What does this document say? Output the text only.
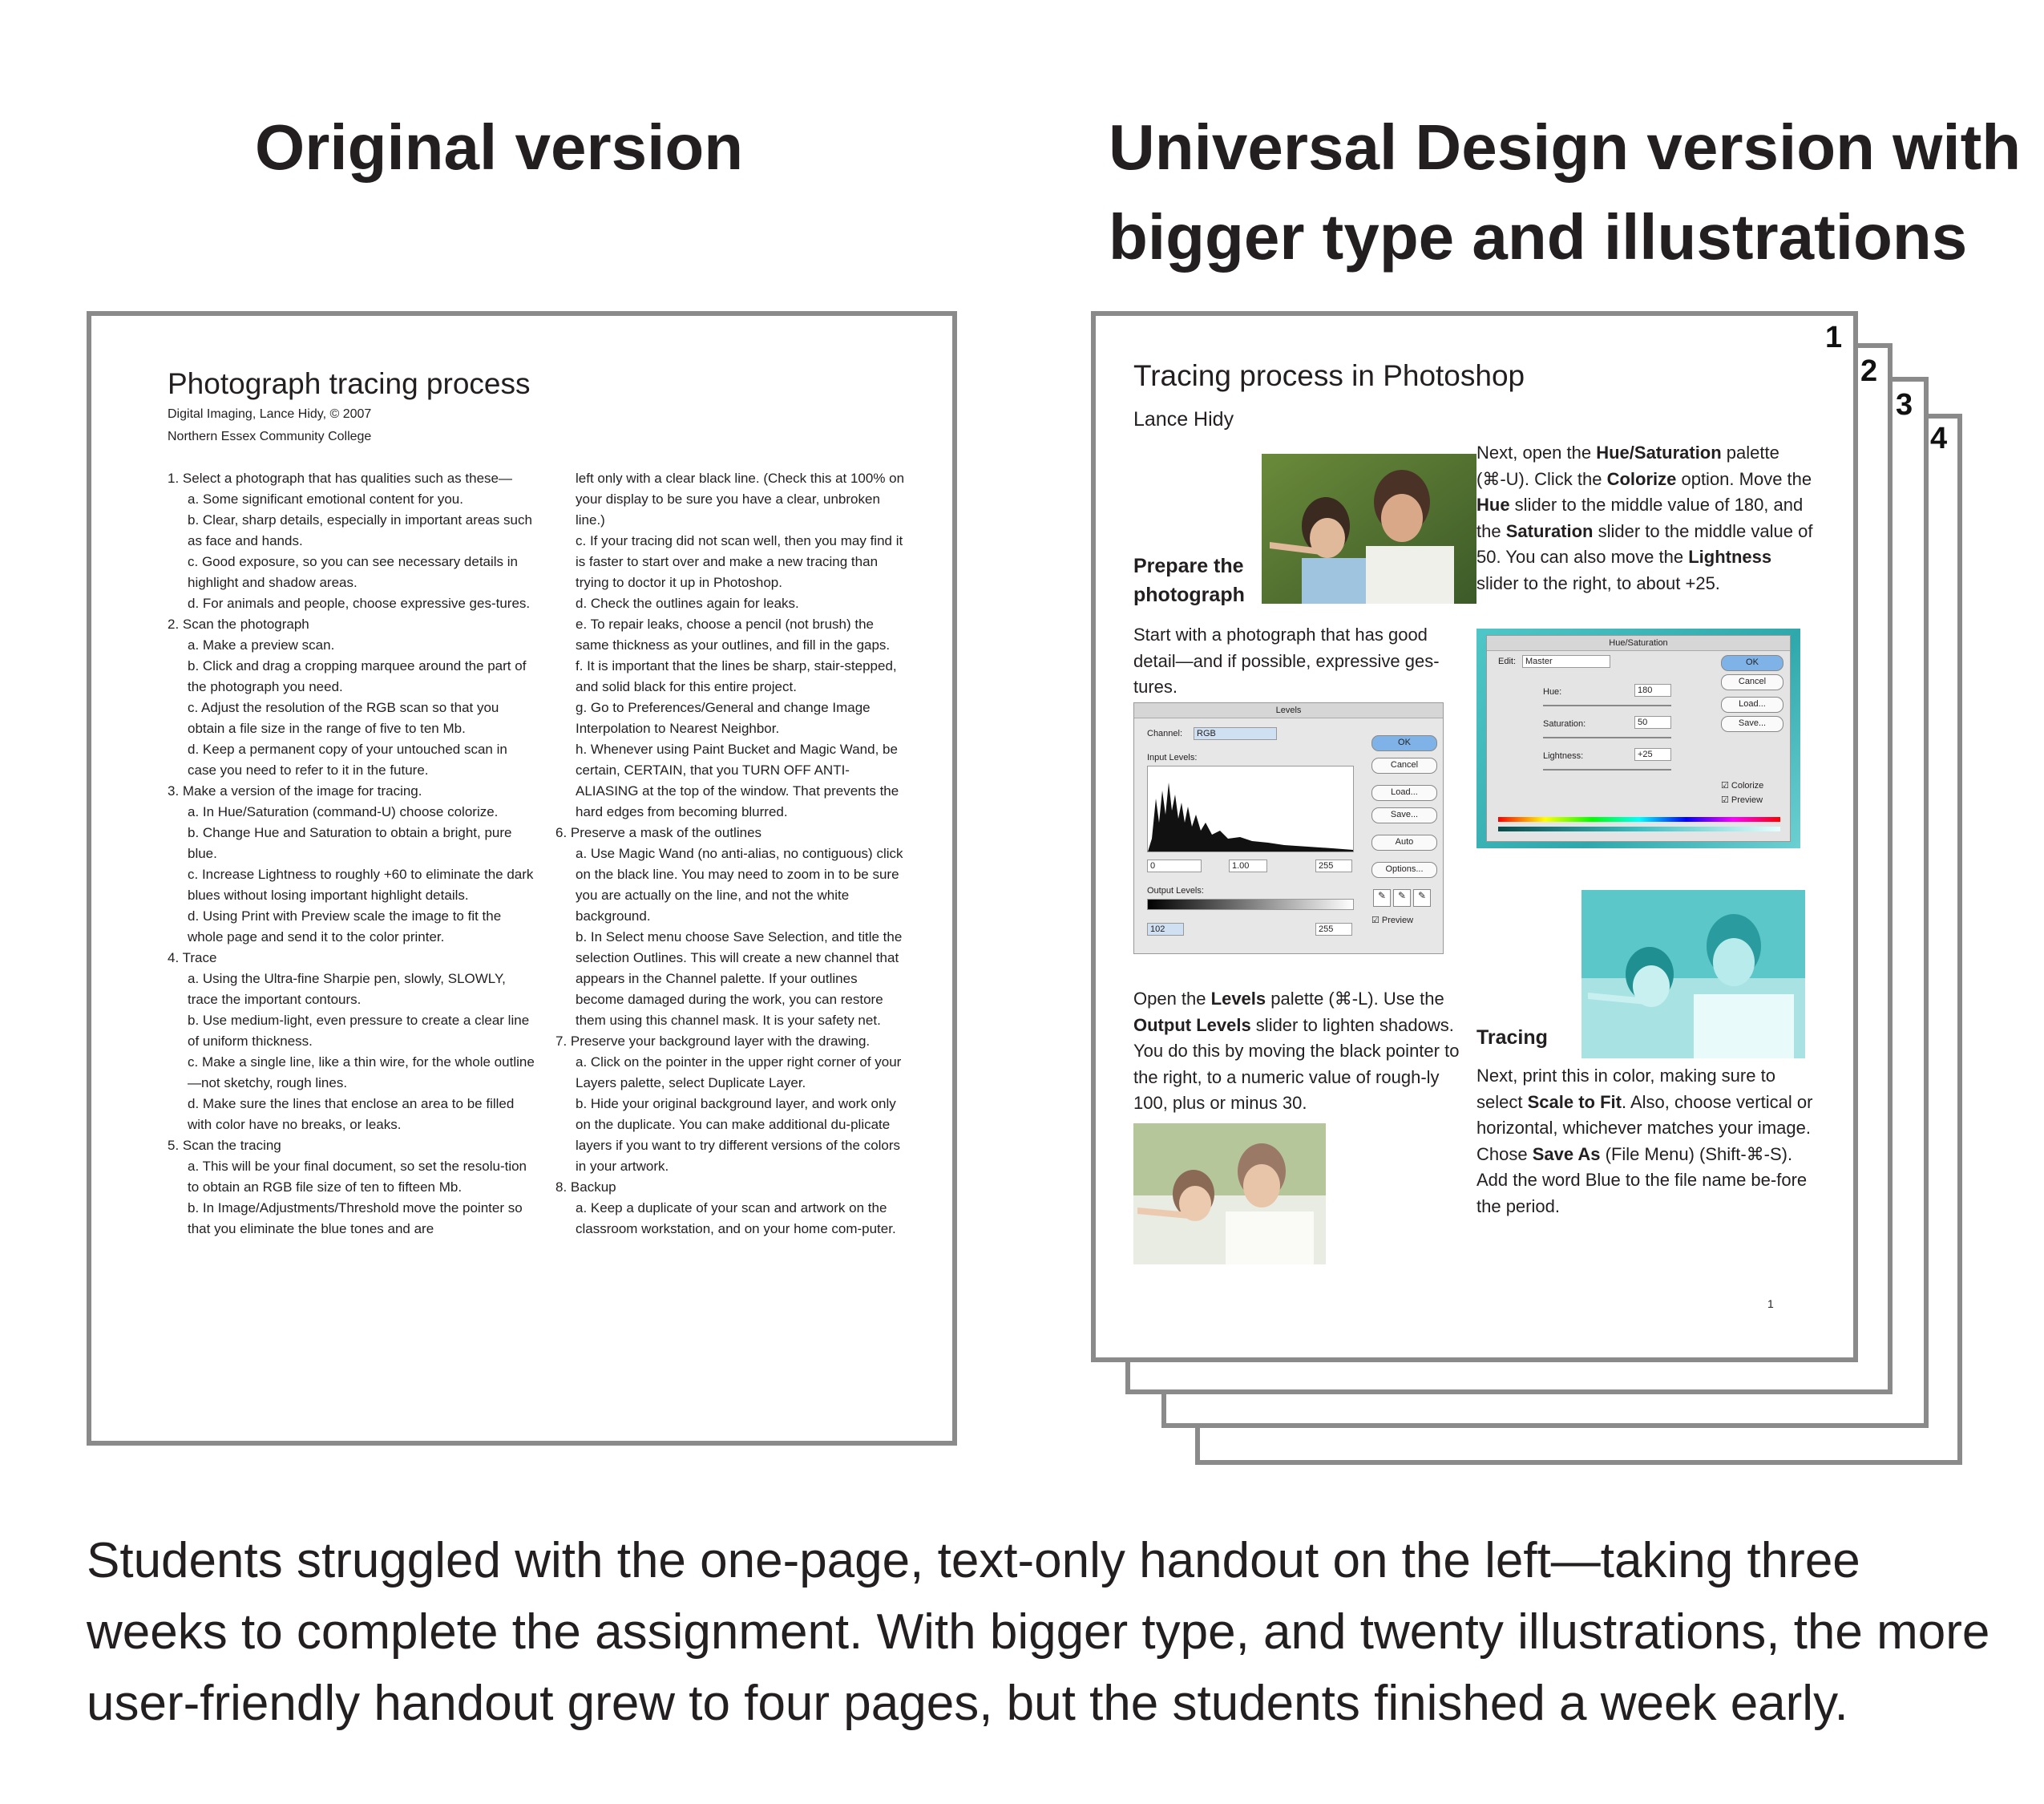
Original version	Universal Design version with
bigger type and illustrations
Photograph tracing process
Digital Imaging, Lance Hidy, © 2007
Northern Essex Community College
1. Select a photograph that has qualities such as these—
a. Some significant emotional content for you.
b. Clear, sharp details, especially in important areas such as face and hands.
c. Good exposure, so you can see necessary details in highlight and shadow areas.
d. For animals and people, choose expressive ges-tures.
2. Scan the photograph
a. Make a preview scan.
b. Click and drag a cropping marquee around the part of the photograph you need.
c. Adjust the resolution of the RGB scan so that you obtain a file size in the range of five to ten Mb.
d. Keep a permanent copy of your untouched scan in case you need to refer to it in the future.
3. Make a version of the image for tracing.
a. In Hue/Saturation (command-U) choose colorize.
b. Change Hue and Saturation to obtain a bright, pure blue.
c. Increase Lightness to roughly +60 to eliminate the dark blues without losing important highlight details.
d. Using Print with Preview scale the image to fit the whole page and send it to the color printer.
4. Trace
a. Using the Ultra-fine Sharpie pen, slowly, SLOWLY, trace the important contours.
b. Use medium-light, even pressure to create a clear line of uniform thickness.
c. Make a single line, like a thin wire, for the whole outline—not sketchy, rough lines.
d. Make sure the lines that enclose an area to be filled with color have no breaks, or leaks.
5. Scan the tracing
a. This will be your final document, so set the resolu-tion to obtain an RGB file size of ten to fifteen Mb.
b. In Image/Adjustments/Threshold move the pointer so that you eliminate the blue tones and are
left only with a clear black line. (Check this at 100% on your display to be sure you have a clear, unbroken line.)
c. If your tracing did not scan well, then you may find it is faster to start over and make a new tracing than trying to doctor it up in Photoshop.
d. Check the outlines again for leaks.
e. To repair leaks, choose a pencil (not brush) the same thickness as your outlines, and fill in the gaps.
f. It is important that the lines be sharp, stair-stepped, and solid black for this entire project.
g. Go to Preferences/General and change Image Interpolation to Nearest Neighbor.
h. Whenever using Paint Bucket and Magic Wand, be certain, CERTAIN, that you TURN OFF ANTI-ALIASING at the top of the window. That prevents the hard edges from becoming blurred.
6. Preserve a mask of the outlines
a. Use Magic Wand (no anti-alias, no contiguous) click on the black line. You may need to zoom in to be sure you are actually on the line, and not the white background.
b. In Select menu choose Save Selection, and title the selection Outlines. This will create a new channel that appears in the Channel palette. If your outlines become damaged during the work, you can restore them using this channel mask. It is your safety net.
7. Preserve your background layer with the drawing.
a. Click on the pointer in the upper right corner of your Layers palette, select Duplicate Layer.
b. Hide your original background layer, and work only on the duplicate. You can make additional du-plicate layers if you want to try different versions of the colors in your artwork.
8. Backup
a. Keep a duplicate of your scan and artwork on the classroom workstation, and on your home com-puter.
Tracing process in Photoshop
Lance Hidy
Prepare the photograph
Start with a photograph that has good detail—and if possible, expressive ges-tures.
Levels
Channel:	RGB
Input Levels:
0	1.00	255
Output Levels:
102	255
OK
Cancel
Load...
Save...
Auto
Options...
✎ ✎ ✎
☑ Preview
Open the Levels palette (⌘-L). Use the Output Levels slider to lighten shadows. You do this by moving the black pointer to the right, to a numeric value of rough-ly 100, plus or minus 30.
Next, open the Hue/Saturation palette (⌘-U). Click the Colorize option. Move the Hue slider to the middle value of 180, and the Saturation slider to the middle value of 50. You can also move the Lightness slider to the right, to about +25.
Hue/Saturation
Edit:	Master
Hue:	180
Saturation:	50
Lightness:	+25
OK
Cancel
Load...
Save...
☑ Colorize
☑ Preview
Tracing
Next, print this in color, making sure to select Scale to Fit. Also, choose vertical or horizontal, whichever matches your image.
Chose Save As (File Menu) (Shift-⌘-S).
Add the word Blue to the file name be-fore the period.
1
1
2
3
4
Students struggled with the one-page, text-only handout on the left—taking three weeks to complete the assignment. With bigger type, and twenty illustrations, the more user-friendly handout grew to four pages, but the students finished a week early.
